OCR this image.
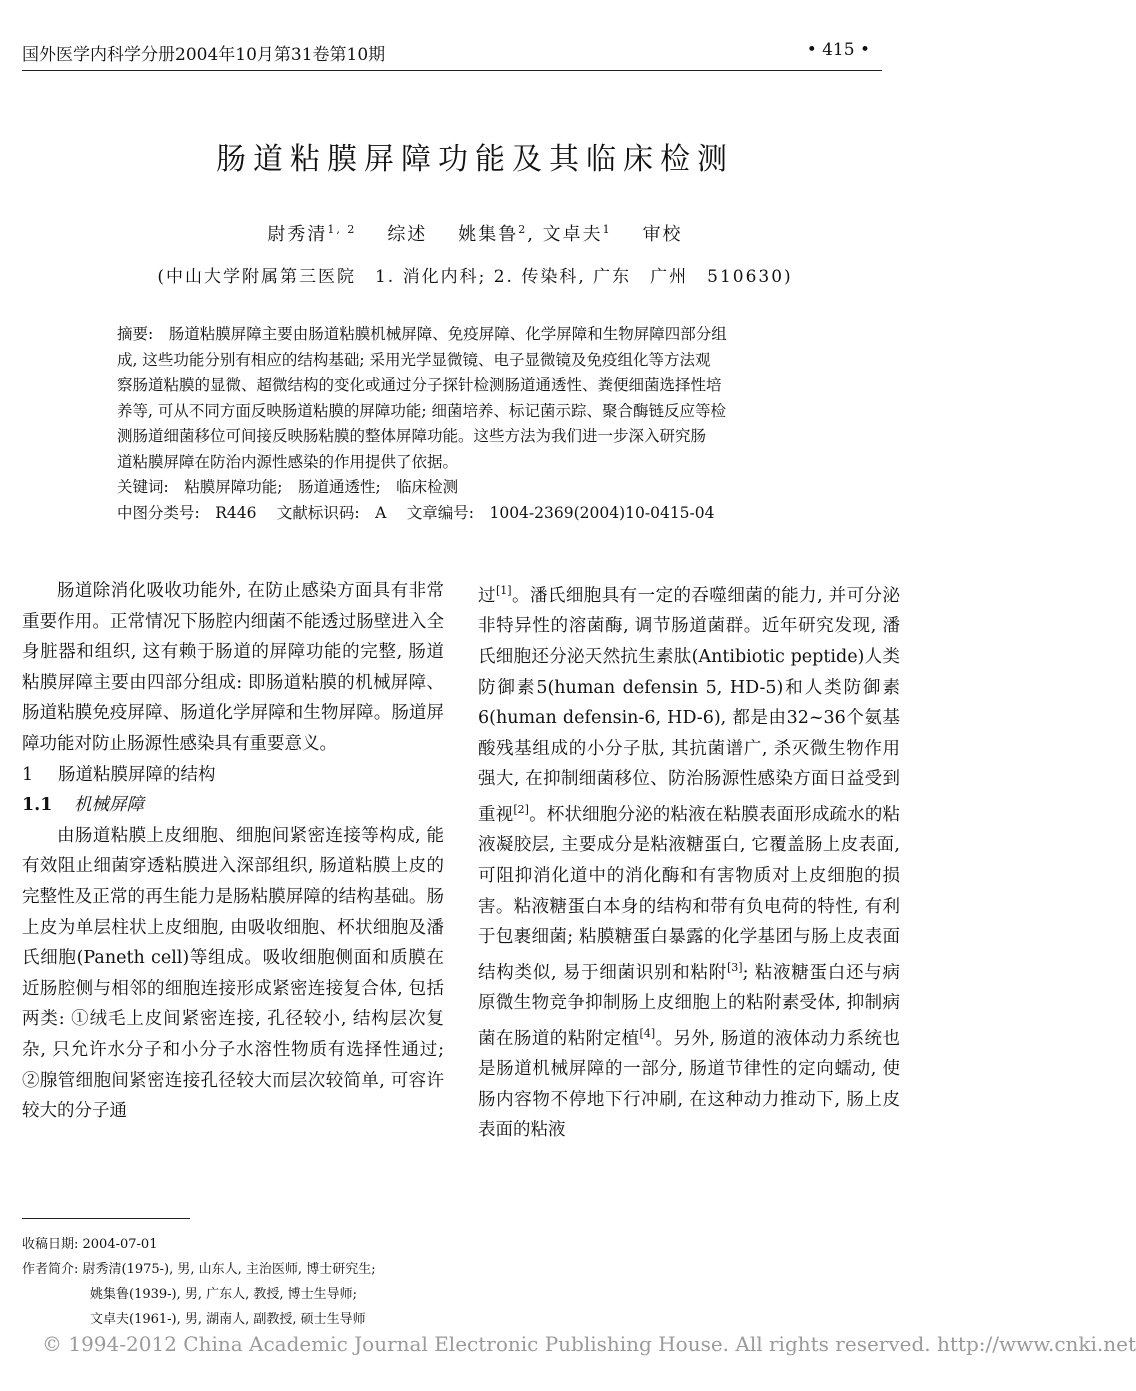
国外医学内科学分册2004年10月第31卷第10期	• 415 •
肠道粘膜屏障功能及其临床检测
尉秀清$^{1, 2}$ 综述 姚集鲁$^2$, 文卓夫$^1$ 审校
(中山大学附属第三医院　1. 消化内科; 2. 传染科, 广东　广州　510630)
摘要:　肠道粘膜屏障主要由肠道粘膜机械屏障、免疫屏障、化学屏障和生物屏障四部分组
成, 这些功能分别有相应的结构基础; 采用光学显微镜、电子显微镜及免疫组化等方法观
察肠道粘膜的显微、超微结构的变化或通过分子探针检测肠道通透性、粪便细菌选择性培
养等, 可从不同方面反映肠道粘膜的屏障功能; 细菌培养、标记菌示踪、聚合酶链反应等检
测肠道细菌移位可间接反映肠粘膜的整体屏障功能。这些方法为我们进一步深入研究肠
道粘膜屏障在防治内源性感染的作用提供了依据。
关键词:　粘膜屏障功能;　肠道通透性;　临床检测
中图分类号:　R446　 文献标识码:　A　 文章编号:　1004-2369(2004)10-0415-04

肠道除消化吸收功能外, 在防止感染方面具有非常重要作用。正常情况下肠腔内细菌不能透过肠壁进入全身脏器和组织, 这有赖于肠道的屏障功能的完整, 肠道粘膜屏障主要由四部分组成: 即肠道粘膜的机械屏障、肠道粘膜免疫屏障、肠道化学屏障和生物屏障。肠道屏障功能对防止肠源性感染具有重要意义。

1 肠道粘膜屏障的结构

1.1 机械屏障

由肠道粘膜上皮细胞、细胞间紧密连接等构成, 能有效阻止细菌穿透粘膜进入深部组织, 肠道粘膜上皮的完整性及正常的再生能力是肠粘膜屏障的结构基础。肠上皮为单层柱状上皮细胞, 由吸收细胞、杯状细胞及潘氏细胞(Paneth cell)等组成。吸收细胞侧面和质膜在近肠腔侧与相邻的细胞连接形成紧密连接复合体, 包括两类: ①绒毛上皮间紧密连接, 孔径较小, 结构层次复杂, 只允许水分子和小分子水溶性物质有选择性通过; ②腺管细胞间紧密连接孔径较大而层次较简单, 可容许较大的分子通

过[1]。潘氏细胞具有一定的吞噬细菌的能力, 并可分泌非特异性的溶菌酶, 调节肠道菌群。近年研究发现, 潘氏细胞还分泌天然抗生素肽(Antibiotic peptide)人类防御素5(human defensin 5, HD-5)和人类防御素6(human defensin-6, HD-6), 都是由32~36个氨基酸残基组成的小分子肽, 其抗菌谱广, 杀灭微生物作用强大, 在抑制细菌移位、防治肠源性感染方面日益受到重视[2]。杯状细胞分泌的粘液在粘膜表面形成疏水的粘液凝胶层, 主要成分是粘液糖蛋白, 它覆盖肠上皮表面, 可阻抑消化道中的消化酶和有害物质对上皮细胞的损害。粘液糖蛋白本身的结构和带有负电荷的特性, 有利于包裹细菌; 粘膜糖蛋白暴露的化学基团与肠上皮表面结构类似, 易于细菌识别和粘附[3]; 粘液糖蛋白还与病原微生物竞争抑制肠上皮细胞上的粘附素受体, 抑制病菌在肠道的粘附定植[4]。另外, 肠道的液体动力系统也是肠道机械屏障的一部分, 肠道节律性的定向蠕动, 使肠内容物不停地下行冲刷, 在这种动力推动下, 肠上皮表面的粘液

收稿日期: 2004-07-01
作者简介: 尉秀清(1975-), 男, 山东人, 主治医师, 博士研究生;
姚集鲁(1939-), 男, 广东人, 教授, 博士生导师;
文卓夫(1961-), 男, 湖南人, 副教授, 硕士生导师
© 1994-2012 China Academic Journal Electronic Publishing House. All rights reserved. http://www.cnki.net
